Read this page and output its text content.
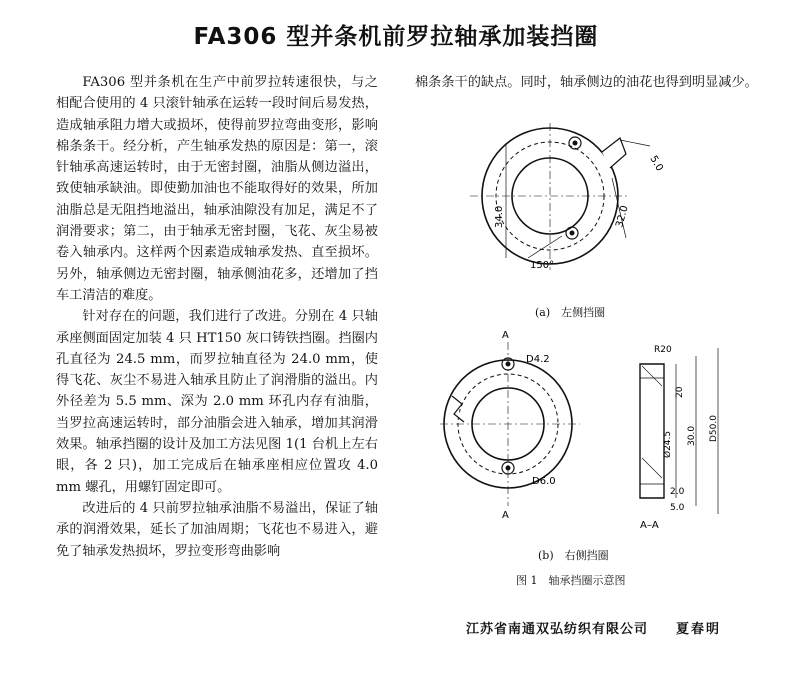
FA306 型并条机前罗拉轴承加装挡圈

FA306 型并条机在生产中前罗拉转速很快，与之相配合使用的 4 只滚针轴承在运转一段时间后易发热，造成轴承阻力增大或损坏，使得前罗拉弯曲变形，影响棉条条干。经分析，产生轴承发热的原因是：第一，滚针轴承高速运转时，由于无密封圈，油脂从侧边溢出，致使轴承缺油。即使勤加油也不能取得好的效果，所加油脂总是无阻挡地溢出，轴承油隙没有加足，满足不了润滑要求；第二，由于轴承无密封圈，飞花、灰尘易被卷入轴承内。这样两个因素造成轴承发热、直至损坏。另外，轴承侧边无密封圈，轴承侧油花多，还增加了挡车工清洁的难度。

针对存在的问题，我们进行了改进。分别在 4 只轴承座侧面固定加装 4 只 HT150 灰口铸铁挡圈。挡圈内孔直径为 24.5 mm，而罗拉轴直径为 24.0 mm，使得飞花、灰尘不易进入轴承且防止了润滑脂的溢出。内外径差为 5.5 mm、深为 2.0 mm 环孔内存有油脂，当罗拉高速运转时，部分油脂会进入轴承，增加其润滑效果。轴承挡圈的设计及加工方法见图 1(1 台机上左右眼，各 2 只)，加工完成后在轴承座相应位置攻 4.0 mm 螺孔，用螺钉固定即可。

改进后的 4 只前罗拉轴承油脂不易溢出，保证了轴承的润滑效果，延长了加油周期；飞花也不易进入，避免了轴承发热损坏，罗拉变形弯曲影响

棉条条干的缺点。同时，轴承侧边的油花也得到明显减少。

34.0
5.0
32.0
150°
(a)　左侧挡圈
A
D4.2
D6.0
A
R20
20
Ø24.5 30.0 D50.0
2.0
5.0
A–A
(b)　右侧挡圈
图 1　轴承挡圈示意图
江苏省南通双弘纺织有限公司 夏春明
